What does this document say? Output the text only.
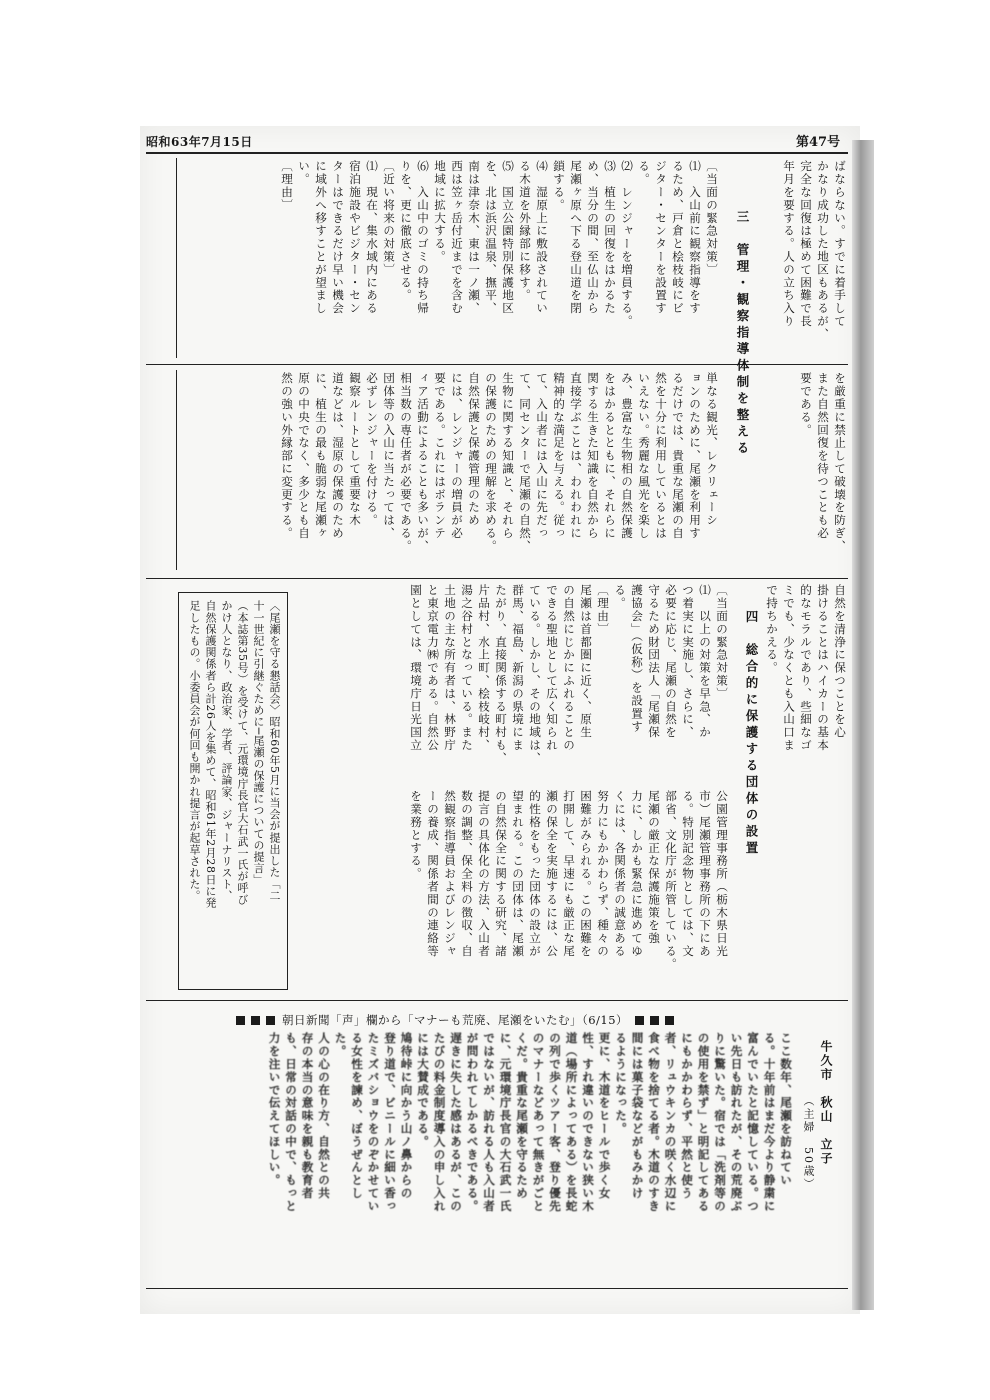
昭和63年7月15日	第47号
ばならない。すでに着手して
かなり成功した地区もあるが、
完全な回復は極めて困難で長
年月を要する。人の立ち入り
を厳重に禁止して破壊を防ぎ、
また自然回復を待つことも必
要である。
三　管理・観察指導体制を整える
〔当面の緊急対策〕
⑴　入山前に観察指導をす
るため、戸倉と桧枝岐にビ
ジター・センターを設置す
る。
⑵　レンジャーを増員する。
⑶　植生の回復をはかるた
め、当分の間、至仏山から
尾瀬ヶ原へ下る登山道を閉
鎖する。
⑷　湿原上に敷設されてい
る木道を外縁部に移す。
⑸　国立公園特別保護地区
を、北は浜沢温泉、撫平、
南は津奈木、東は一ノ瀬、
西は笠ヶ岳付近までを含む
地域に拡大する。
⑹　入山中のゴミの持ち帰
りを、更に徹底させる。
〔近い将来の対策〕
⑴　現在、集水域内にある
宿泊施設やビジター・セン
ターはできるだけ早い機会
に域外へ移すことが望まし
い。
〔理由〕
単なる観光、レクリェーシ
ョンのために、尾瀬を利用す
るだけでは、貴重な尾瀬の自
然を十分に利用しているとは
いえない。秀麗な風光を楽し
み、豊富な生物相の自然保護
をはかるとともに、それらに
関する生きた知識を自然から
直接学ぶことは、われわれに
精神的な満足を与える。従っ
て、入山者には入山に先だっ
て、同センターで尾瀬の自然、
生物に関する知識と、それら
の保護のための理解を求める。
自然保護と保護管理のため
には、レンジャーの増員が必
要である。これにはボランテ
ィア活動によることも多いが、
相当数の専任者が必要である。
団体等の入山に当たっては、
必ずレンジャーを付ける。
観察ルートとして重要な木
道などは、湿原の保護のため
に、植生の最も脆弱な尾瀬ヶ
原の中央でなく、多少とも自
然の強い外縁部に変更する。
自然を清浄に保つことを心
掛けることはハイカーの基本
的なモラルであり、些細なゴ
ミでも、少なくとも入山口ま
で持ちかえる。
四　総合的に保護する団体の設置
〔当面の緊急対策〕
⑴　以上の対策を早急、か
つ着実に実施し、さらに、
必要に応じ、尾瀬の自然を
守るため財団法人「尾瀬保
護協会」（仮称）を設置す
る。
〔理由〕
尾瀬は首都圏に近く、原生
の自然にじかにふれることの
できる聖地として広く知られ
ている。しかし、その地域は、
群馬、福島、新潟の県境にま
たがり、直接関係する町村も、
片品村、水上町、桧枝岐村、
湯之谷村となっている。また
土地の主な所有者は、林野庁
と東京電力㈱である。自然公
園としては、環境庁日光国立
公園管理事務所（栃木県日光
市）尾瀬管理事務所の下にあ
る。特別記念物としては、文
部省、文化庁が所管している。
尾瀬の厳正な保護施策を強
力に、しかも緊急に進めてゆ
くには、各関係者の誠意ある
努力にもかかわらず、種々の
困難がみられる。この困難を
打開して、早速にも厳正な尾
瀬の保全を実施するには、公
的性格をもった団体の設立が
望まれる。この団体は、尾瀬
の自然保全に関する研究、諸
提言の具体化の方法、入山者
数の調整、保全料の徴収、自
然観察指導員およびレンジャ
ーの養成、関係者間の連絡等
を業務とする。
〈尾瀬を守る懇話会〉昭和60年5月に当会が提出した「二
十一世紀に引継ぐために─尾瀬の保護についての提言」
（本誌第35号）を受けて、元環境庁長官大石武一氏が呼び
かけ人となり、政治家、学者、評論家、ジャーナリスト、
自然保護関係者ら計26人を集めて、昭和61年2月28日に発
足したもの。小委員会が何回も開かれ提言が起草された。
朝日新聞「声」欄から「マナーも荒廃、尾瀬をいたむ」（6/15）
牛久市　秋山　立子
（主婦　50歳）
ここ数年、尾瀬を訪ねてい
る。十年前はまだ今より静粛に
富んでいたと記憶している。つ
い先日も訪れたが、その荒廃ぶ
りに驚いた。宿では「洗剤等の
の使用を禁ず」と明記してある
にもかかわらず、平然と使う
者、リュウキンカの咲く水辺に
食べ物を捨てる者。木道のすき
間には菓子袋などがもみかけ
るようになった。
更に、木道をヒールで歩く女
性、すれ違いのできない狭い木
道（場所によってある）を長蛇
の列で歩くツアー客、登り優先
のマナーなどあって無きがごと
くだ。貴重な尾瀬を守るため
に、元環境庁長官の大石武一氏
ではないが、訪れる人も入山者
が問われてしかるべきである。
遅きに失した感はあるが、この
たびの料金制度導入の申し入れ
には大賛成である。
鳩待峠に向かう山ノ鼻からの
登り道で、ビニールに細い香っ
たミズバショウをのぞかせてい
る女性を諫め、ぼうぜんとし
た。
人の心の在り方、自然との共
存の本当の意味を親も教育者
も、日常の対話の中で、もっと
力を注いで伝えてほしい。
